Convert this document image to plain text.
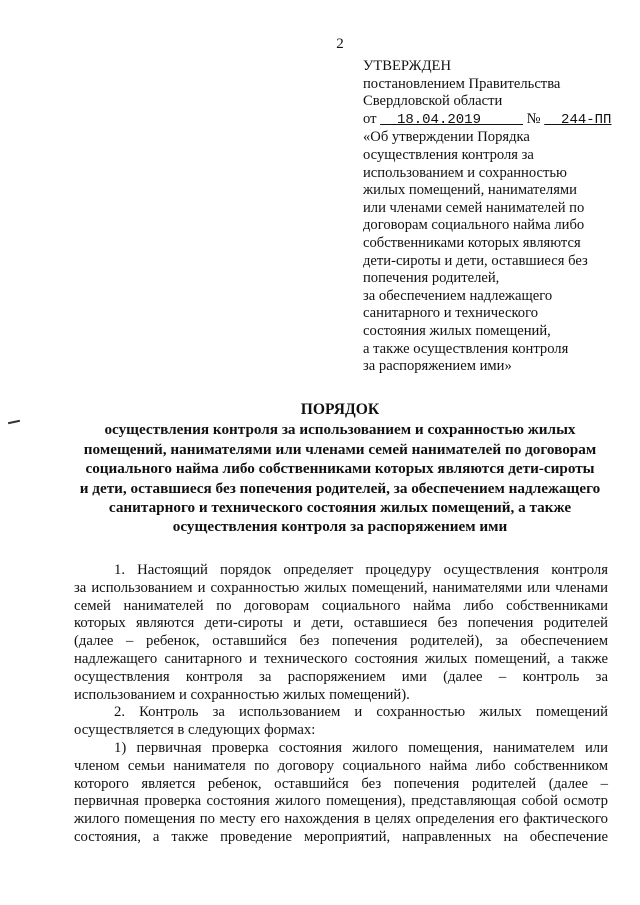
2
УТВЕРЖДЕН
постановлением Правительства
Свердловской области
от 18.04.2019	№ 244-ПП
«Об утверждении Порядка
осуществления контроля за
использованием и сохранностью
жилых помещений, нанимателями
или членами семей нанимателей по
договорам социального найма либо
собственниками которых являются
дети-сироты и дети, оставшиеся без
попечения родителей,
за обеспечением надлежащего
санитарного и технического
состояния жилых помещений,
а также осуществления контроля
за распоряжением ими»
ПОРЯДОК
осуществления контроля за использованием и сохранностью жилых
помещений, нанимателями или членами семей нанимателей по договорам
социального найма либо собственниками которых являются дети-сироты
и дети, оставшиеся без попечения родителей, за обеспечением надлежащего
санитарного и технического состояния жилых помещений, а также
осуществления контроля за распоряжением ими
1. Настоящий порядок определяет процедуру осуществления контроля
за использованием и сохранностью жилых помещений, нанимателями или членами
семей нанимателей по договорам социального найма либо собственниками
которых являются дети-сироты и дети, оставшиеся без попечения родителей
(далее – ребенок, оставшийся без попечения родителей), за обеспечением
надлежащего санитарного и технического состояния жилых помещений, а также
осуществления контроля за распоряжением ими (далее – контроль за
использованием и сохранностью жилых помещений).
2. Контроль за использованием и сохранностью жилых помещений
осуществляется в следующих формах:
1) первичная проверка состояния жилого помещения, нанимателем или
членом семьи нанимателя по договору социального найма либо собственником
которого является ребенок, оставшийся без попечения родителей (далее –
первичная проверка состояния жилого помещения), представляющая собой осмотр
жилого помещения по месту его нахождения в целях определения его фактического
состояния, а также проведение мероприятий, направленных на обеспечение
